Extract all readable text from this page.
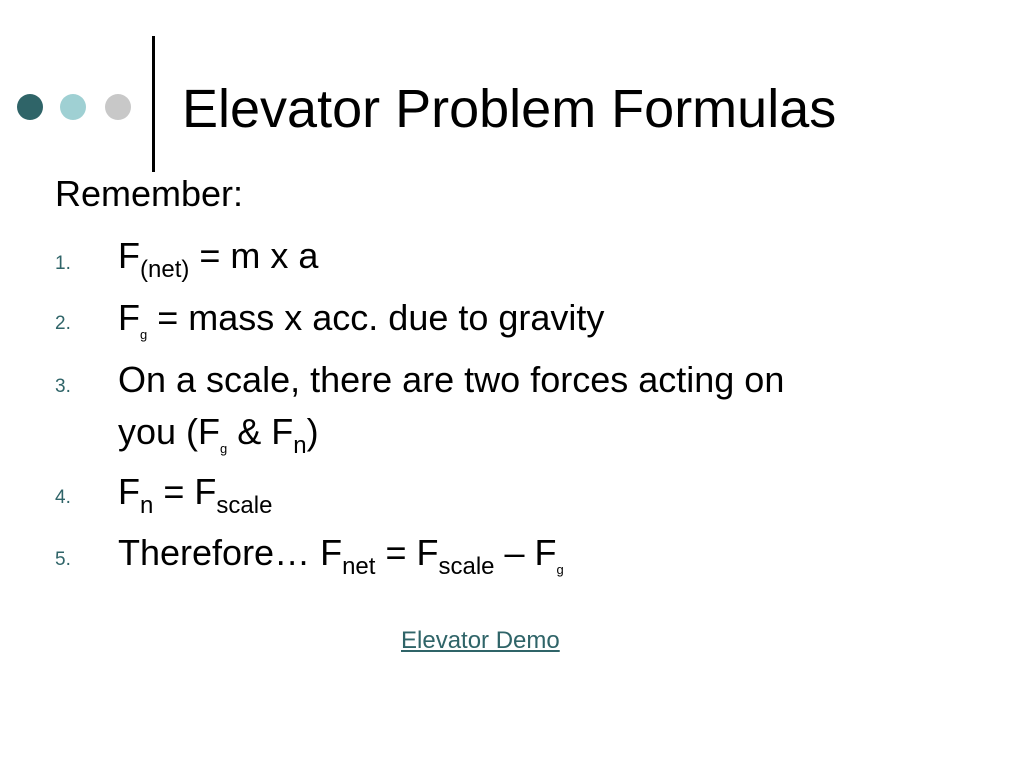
Elevator Problem Formulas
Remember:
1. $F_{(net)} = m$ x a
2. $F_g$ = mass x acc. due to gravity
3. On a scale, there are two forces acting on
you ($F_g$ & $F_n$)
4. $F_n = F_{scale}$
5. Therefore… $F_{net} = F_{scale} - F_g$
Elevator Demo
